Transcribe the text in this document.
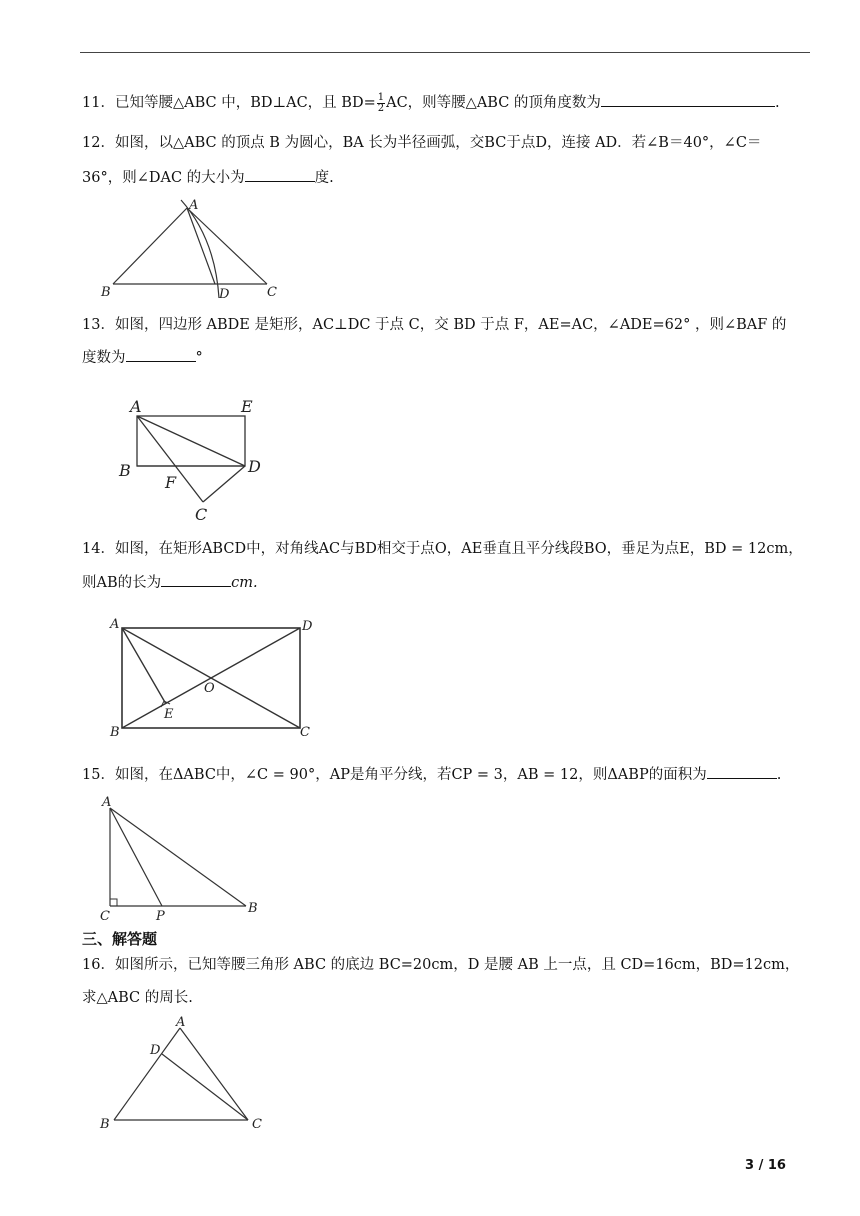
11．已知等腰△ABC 中，BD⊥AC，且 $BD= \frac{1}{2}$ AC，则等腰△ABC 的顶角度数为	.

12．如图，以△ABC 的顶点 B 为圆心，BA 长为半径画弧，交BC于点D，连接 AD．若∠B＝40°，∠C＝

36°，则∠DAC 的大小为	度.

A
B	D	C

13．如图，四边形 ABDE 是矩形，AC⊥DC 于点 C，交 BD 于点 F，AE=AC，∠ADE=62° ，则∠BAF 的

度数为	°

A	E
B	D
F
C

14．如图，在矩形ABCD中，对角线AC与BD相交于点O，AE垂直且平分线段BO，垂足为点E，BD = 12cm，

则AB的长为	cm.

A	D
B	C
O
E

15．如图，在ΔABC中，∠C = 90°，AP是角平分线，若CP = 3，AB = 12，则ΔABP的面积为	.

A
C	P
B
三、解答题

16．如图所示，已知等腰三角形 ABC 的底边 BC=20cm，D 是腰 AB 上一点，且 CD=16cm，BD=12cm，

求△ABC 的周长.

A
D
B	C
3 / 16
